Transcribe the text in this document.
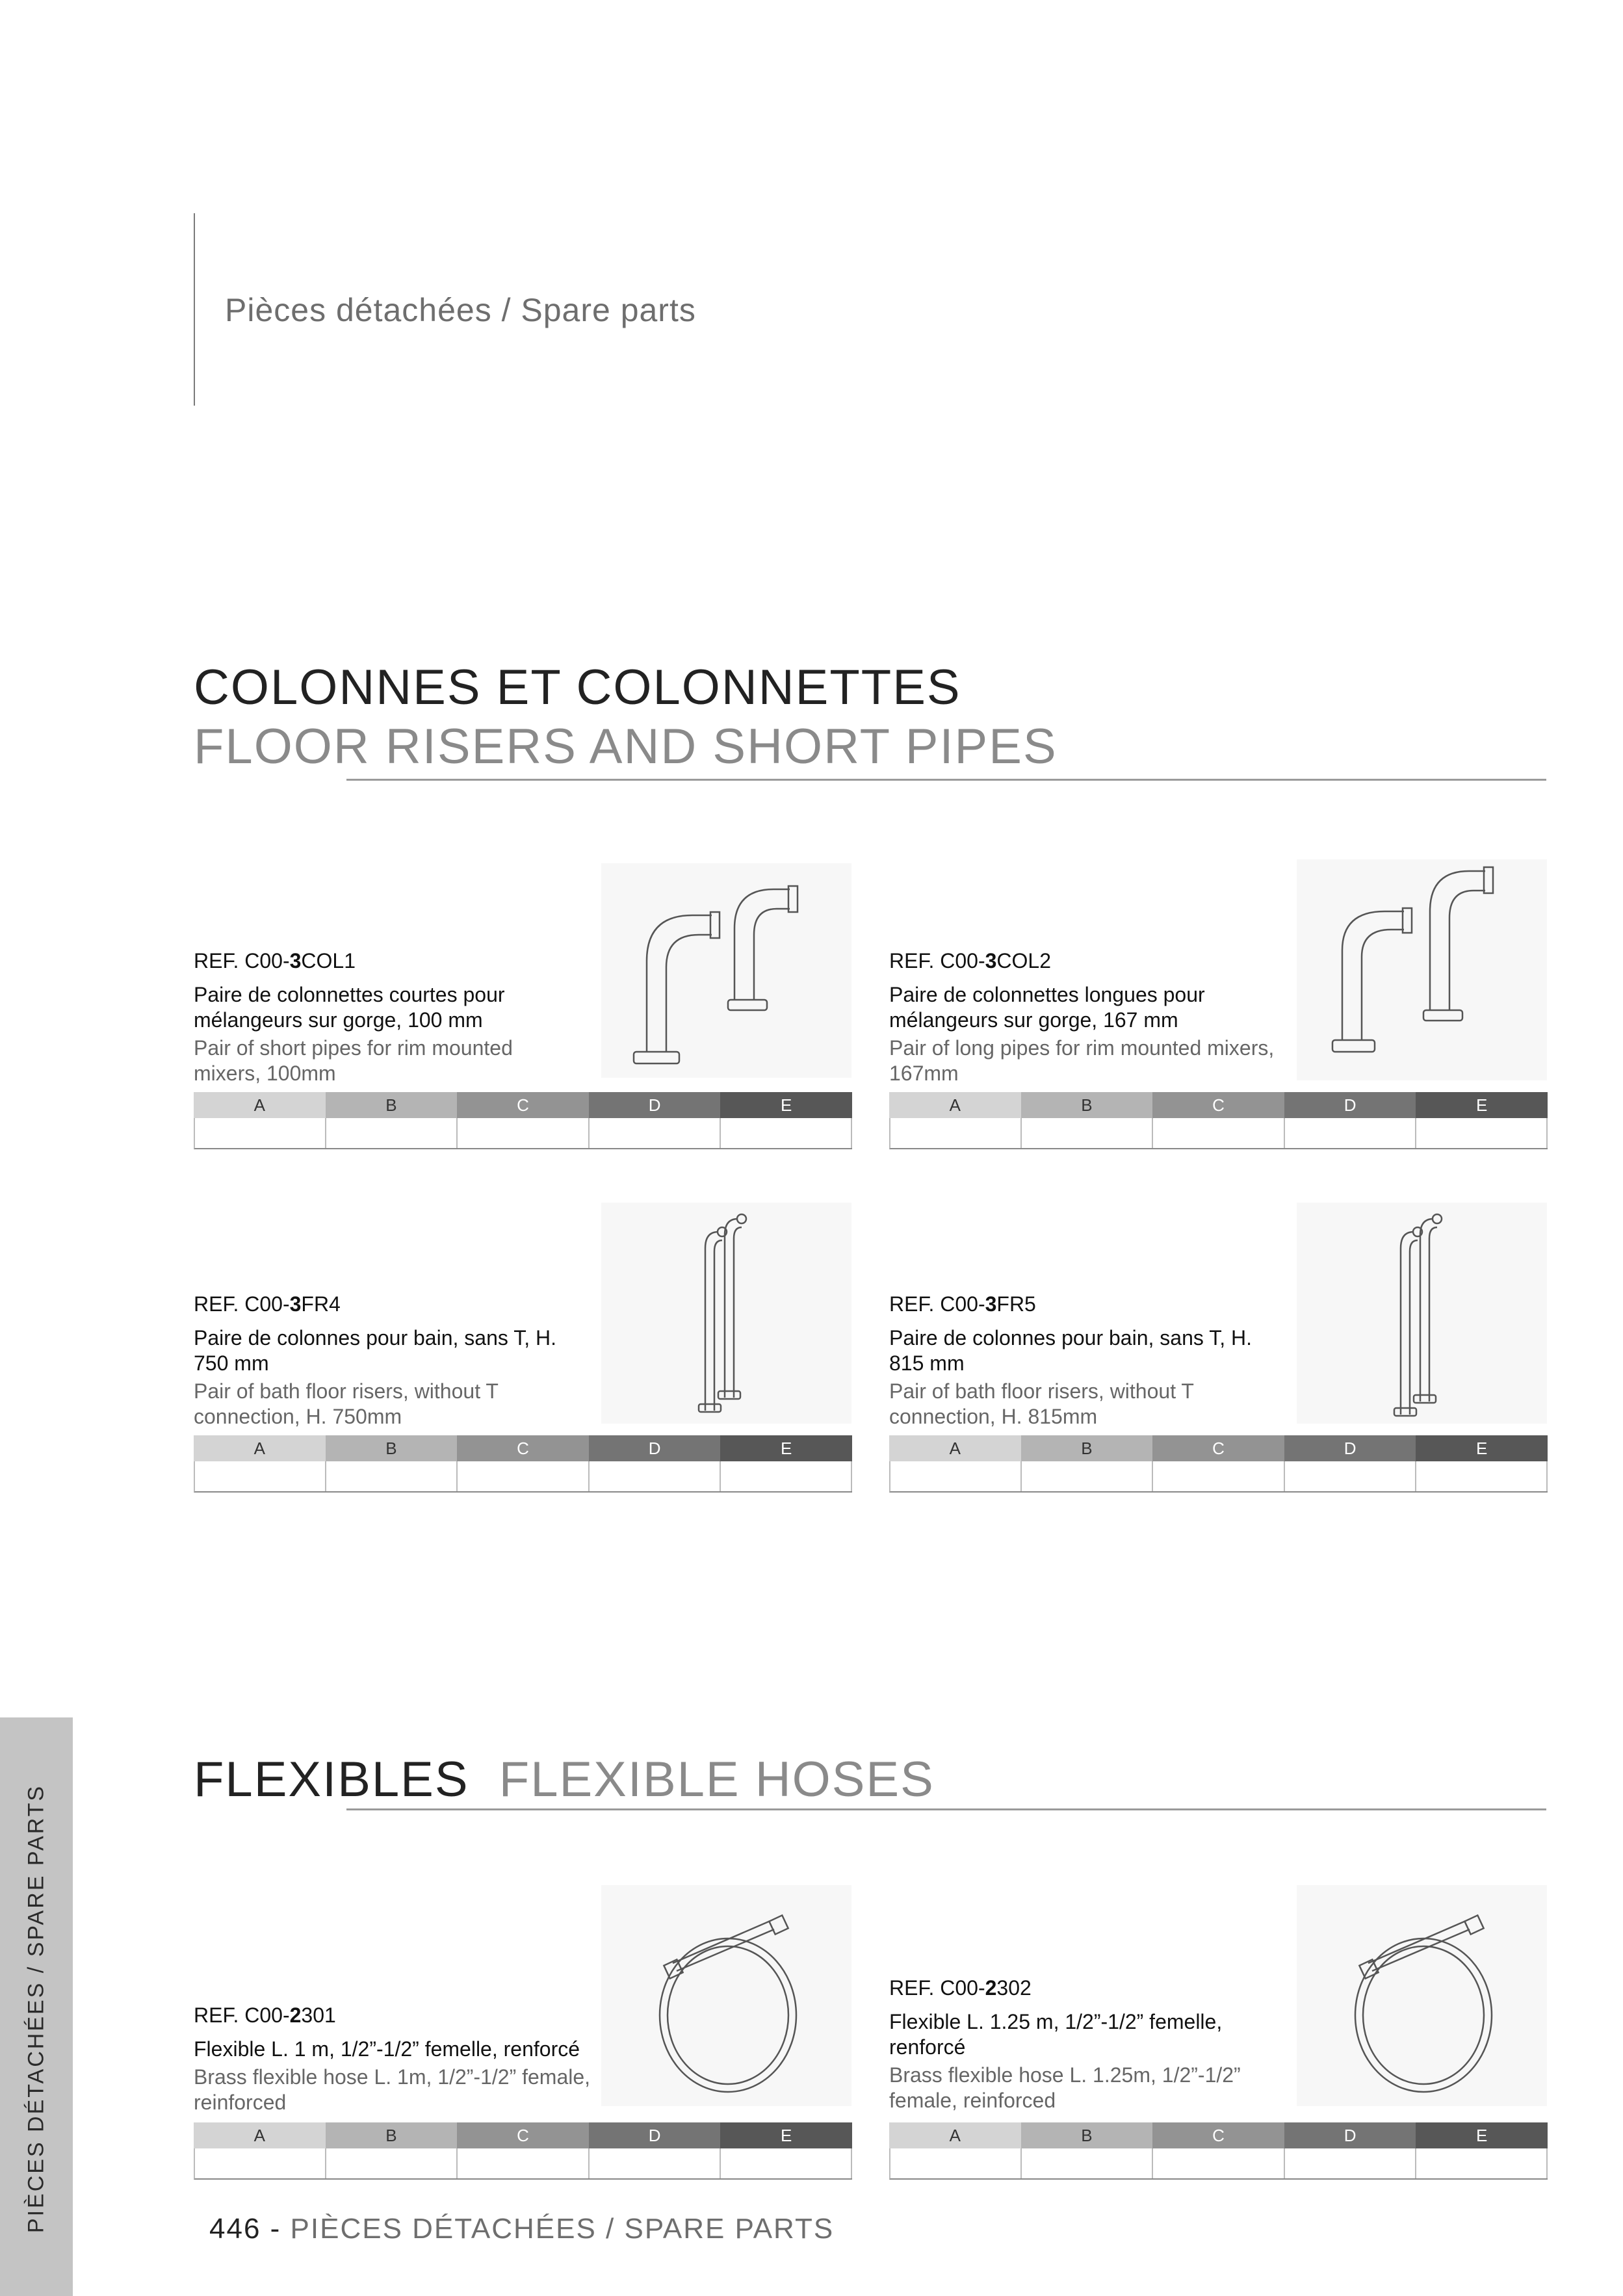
Pièces détachées / Spare parts
COLONNES ET COLONNETTES
FLOOR RISERS AND SHORT PIPES
REF. C00-3COL1
Paire de colonnettes courtes pour mélangeurs sur gorge, 100 mm
Pair of short pipes for rim mounted mixers, 100mm
A	B	C	D	E
REF. C00-3COL2
Paire de colonnettes longues pour mélangeurs sur gorge, 167 mm
Pair of long pipes for rim mounted mixers, 167mm
A	B	C	D	E
REF. C00-3FR4
Paire de colonnes pour bain, sans T, H. 750 mm
Pair of bath floor risers, without T connection, H. 750mm
A	B	C	D	E
REF. C00-3FR5
Paire de colonnes pour bain, sans T, H. 815 mm
Pair of bath floor risers, without T connection, H. 815mm
A	B	C	D	E
FLEXIBLES FLEXIBLE HOSES
REF. C00-2301
Flexible L. 1 m, 1/2”-1/2” femelle, renforcé
Brass flexible hose L. 1m, 1/2”-1/2” female, reinforced
A	B	C	D	E
REF. C00-2302
Flexible L. 1.25 m, 1/2”-1/2” femelle, renforcé
Brass flexible hose L. 1.25m, 1/2”-1/2” female, reinforced
A	B	C	D	E
PIÈCES DÉTACHÉES / SPARE PARTS	446 - PIÈCES DÉTACHÉES / SPARE PARTS
